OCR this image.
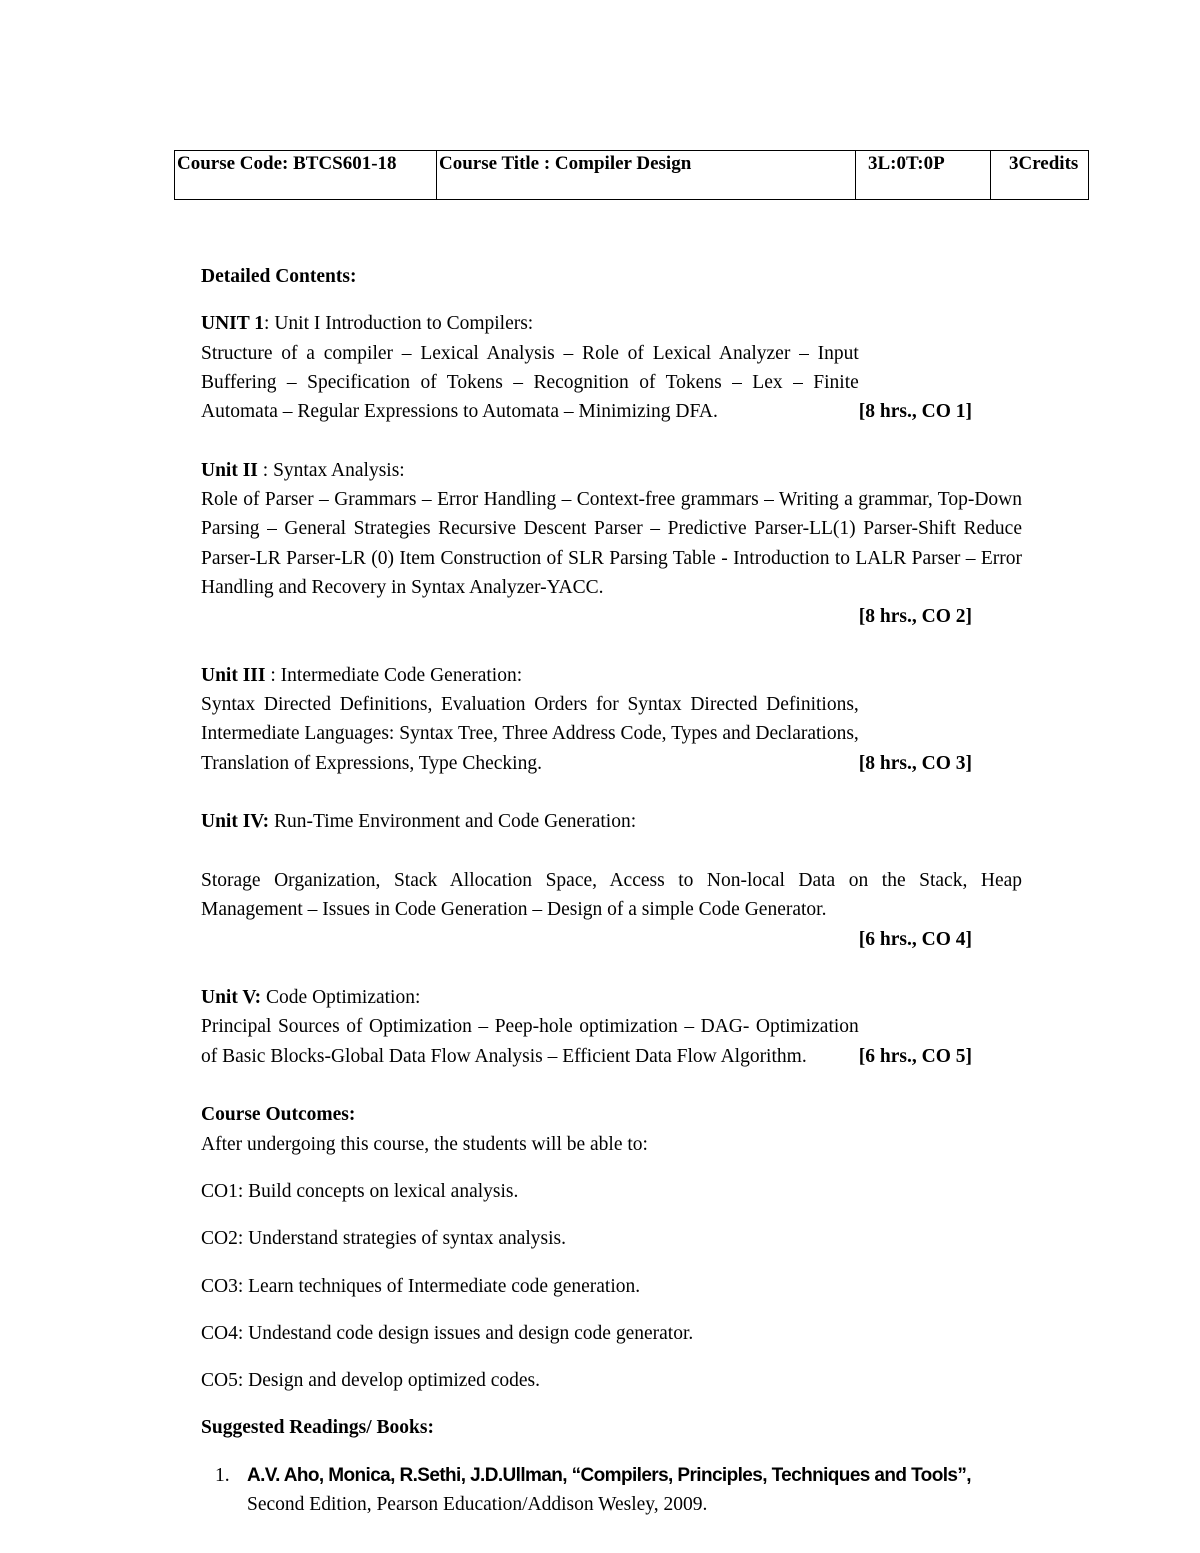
Course Code: BTCS601-18	Course Title : Compiler Design	3L:0T:0P	3Credits

Detailed Contents:

UNIT 1: Unit I Introduction to Compilers:

[8 hrs., CO 1]
Structure of a compiler – Lexical Analysis – Role of Lexical Analyzer – Input Buffering – Specification of Tokens – Recognition of Tokens – Lex – Finite Automata – Regular Expressions to Automata – Minimizing DFA.

Unit II : Syntax Analysis:

Role of Parser – Grammars – Error Handling – Context-free grammars – Writing a grammar, Top-Down Parsing – General Strategies Recursive Descent Parser – Predictive Parser-LL(1) Parser-Shift Reduce Parser-LR Parser-LR (0) Item Construction of SLR Parsing Table - Introduction to LALR Parser – Error Handling and Recovery in Syntax Analyzer-YACC.

[8 hrs., CO 2]

Unit III : Intermediate Code Generation:

[8 hrs., CO 3]
Syntax Directed Definitions, Evaluation Orders for Syntax Directed Definitions, Intermediate Languages: Syntax Tree, Three Address Code, Types and Declarations, Translation of Expressions, Type Checking.

Unit IV: Run-Time Environment and Code Generation:

Storage Organization, Stack Allocation Space, Access to Non-local Data on the Stack, Heap Management – Issues in Code Generation – Design of a simple Code Generator.

[6 hrs., CO 4]

Unit V: Code Optimization:

[6 hrs., CO 5]
Principal Sources of Optimization – Peep-hole optimization – DAG- Optimization of Basic Blocks-Global Data Flow Analysis – Efficient Data Flow Algorithm.

Course Outcomes:

After undergoing this course, the students will be able to:

CO1: Build concepts on lexical analysis.

CO2: Understand strategies of syntax analysis.

CO3: Learn techniques of Intermediate code generation.

CO4: Undestand code design issues and design code generator.

CO5: Design and develop optimized codes.

Suggested Readings/ Books:

1. A.V. Aho, Monica, R.Sethi, J.D.Ullman, “Compilers, Principles, Techniques and Tools”, Second Edition, Pearson Education/Addison Wesley, 2009.
